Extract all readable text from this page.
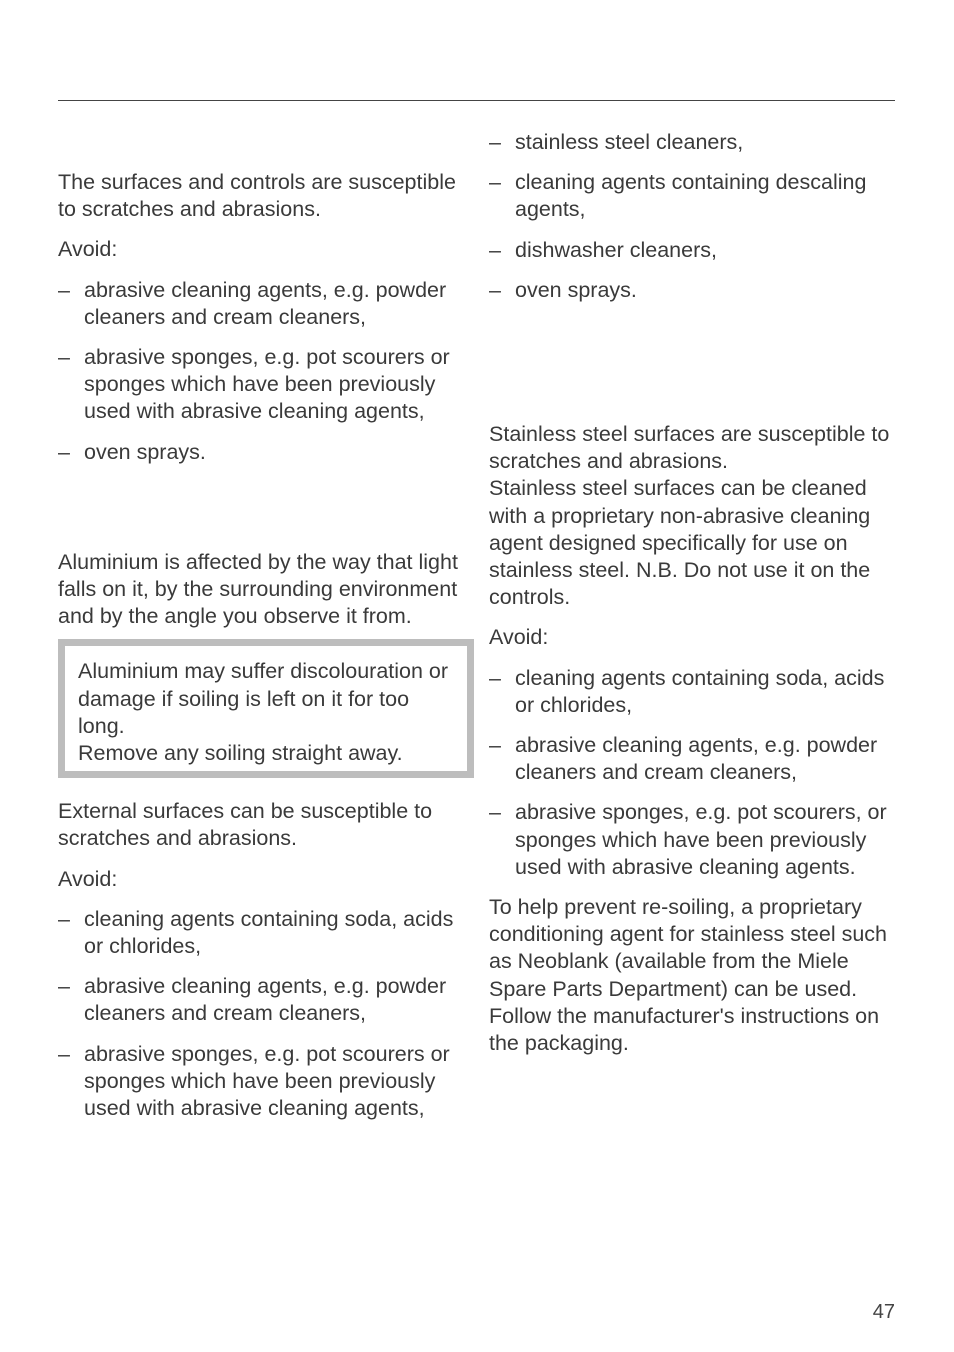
The surfaces and controls are susceptible to scratches and abrasions.

Avoid:

– abrasive cleaning agents, e.g. powder cleaners and cream cleaners,
– abrasive sponges, e.g. pot scourers or sponges which have been previously used with abrasive cleaning agents,
– oven sprays.

Aluminium is affected by the way that light falls on it, by the surrounding environment and by the angle you observe it from.

Aluminium may suffer discolouration or damage if soiling is left on it for too long.

Remove any soiling straight away.

External surfaces can be susceptible to scratches and abrasions.

Avoid:

– cleaning agents containing soda, acids or chlorides,
– abrasive cleaning agents, e.g. powder cleaners and cream cleaners,
– abrasive sponges, e.g. pot scourers or sponges which have been previously used with abrasive cleaning agents,
– stainless steel cleaners,
– cleaning agents containing descaling agents,
– dishwasher cleaners,
– oven sprays.

Stainless steel surfaces are susceptible to scratches and abrasions.

Stainless steel surfaces can be cleaned with a proprietary non-abrasive cleaning agent designed specifically for use on stainless steel. N.B. Do not use it on the controls.

Avoid:

– cleaning agents containing soda, acids or chlorides,
– abrasive cleaning agents, e.g. powder cleaners and cream cleaners,
– abrasive sponges, e.g. pot scourers, or sponges which have been previously used with abrasive cleaning agents.

To help prevent re-soiling, a proprietary conditioning agent for stainless steel such as Neoblank (available from the Miele Spare Parts Department) can be used. Follow the manufacturer's instructions on the packaging.

47
